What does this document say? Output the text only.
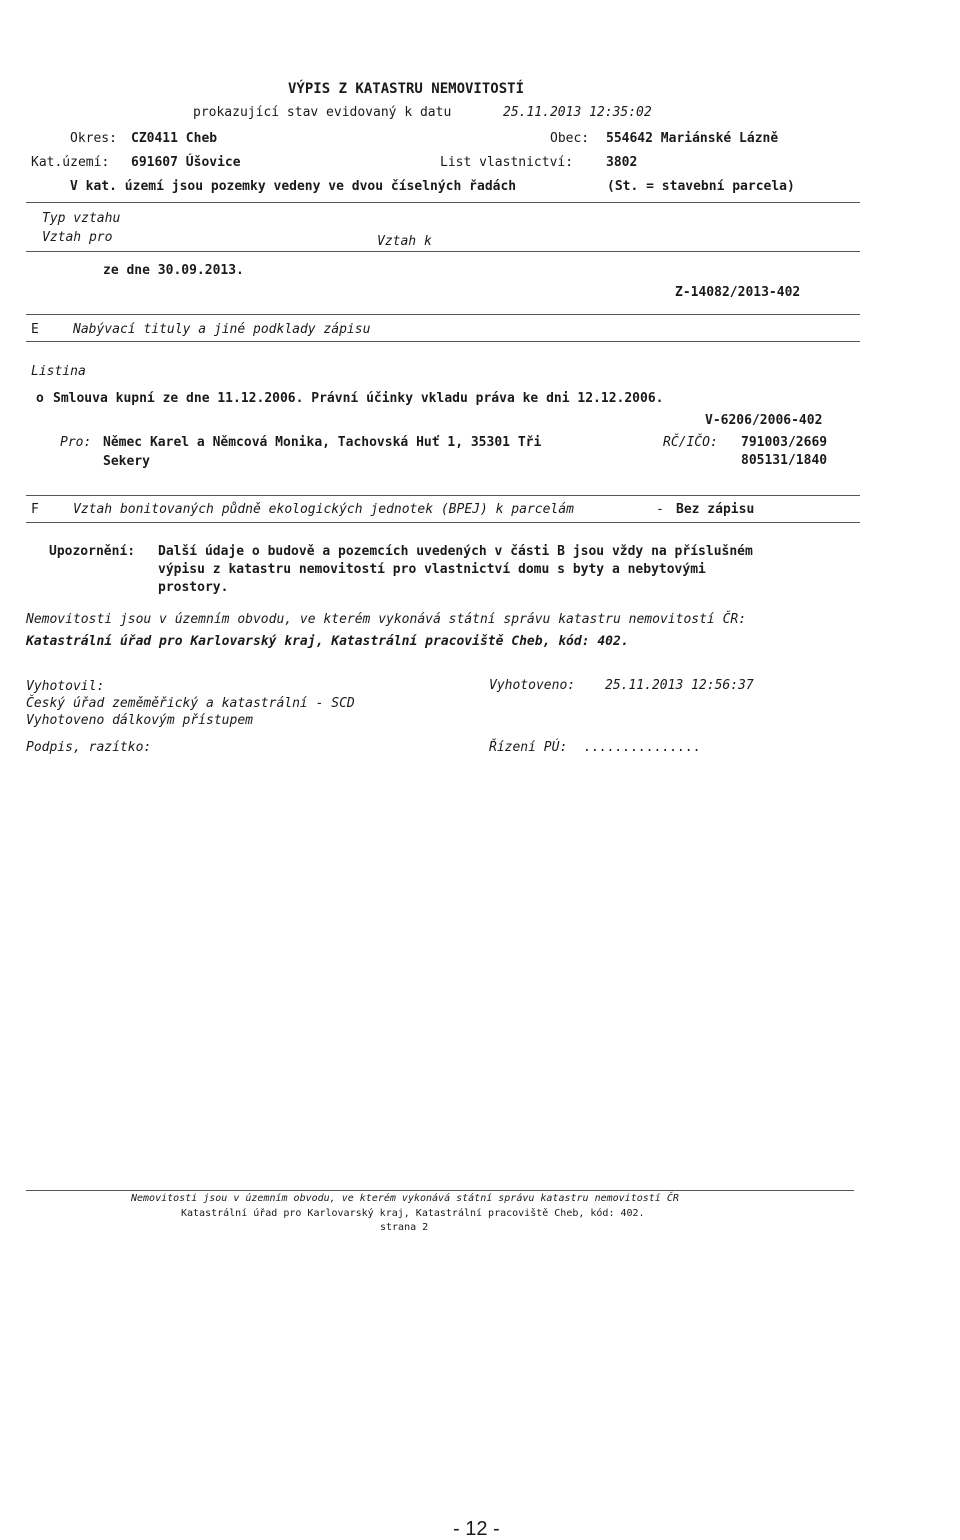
VÝPIS Z KATASTRU NEMOVITOSTÍ
prokazující stav evidovaný k datu	25.11.2013 12:35:02
Okres: CZ0411 Cheb	Obec: 554642 Mariánské Lázně
Kat.území: 691607 Úšovice	List vlastnictví:	3802
V kat. území jsou pozemky vedeny ve dvou číselných řadách	(St. = stavební parcela)
Typ vztahu
Vztah pro	Vztah k
ze dne 30.09.2013.
Z-14082/2013-402
E	Nabývací tituly a jiné podklady zápisu
Listina
o Smlouva kupní ze dne 11.12.2006. Právní účinky vkladu práva ke dni 12.12.2006.
V-6206/2006-402
Pro: Němec Karel a Němcová Monika, Tachovská Huť 1, 35301 Tři
Sekery
RČ/IČO: 791003/2669
805131/1840
F	Vztah bonitovaných půdně ekologických jednotek (BPEJ) k parcelám	- Bez zápisu
Upozornění: Další údaje o budově a pozemcích uvedených v části B jsou vždy na příslušném
výpisu z katastru nemovitostí pro vlastnictví domu s byty a nebytovými
prostory.
Nemovitosti jsou v územním obvodu, ve kterém vykonává státní správu katastru nemovitostí ČR:
Katastrální úřad pro Karlovarský kraj, Katastrální pracoviště Cheb, kód: 402.
Vyhotovil:
Český úřad zeměměřický a katastrální - SCD
Vyhotoveno dálkovým přístupem
Vyhotoveno: 25.11.2013 12:56:37
Podpis, razítko:	Řízení PÚ: ...............
Nemovitosti jsou v územním obvodu, ve kterém vykonává státní správu katastru nemovitostí ČR
Katastrální úřad pro Karlovarský kraj, Katastrální pracoviště Cheb, kód: 402.
strana 2
- 12 -
